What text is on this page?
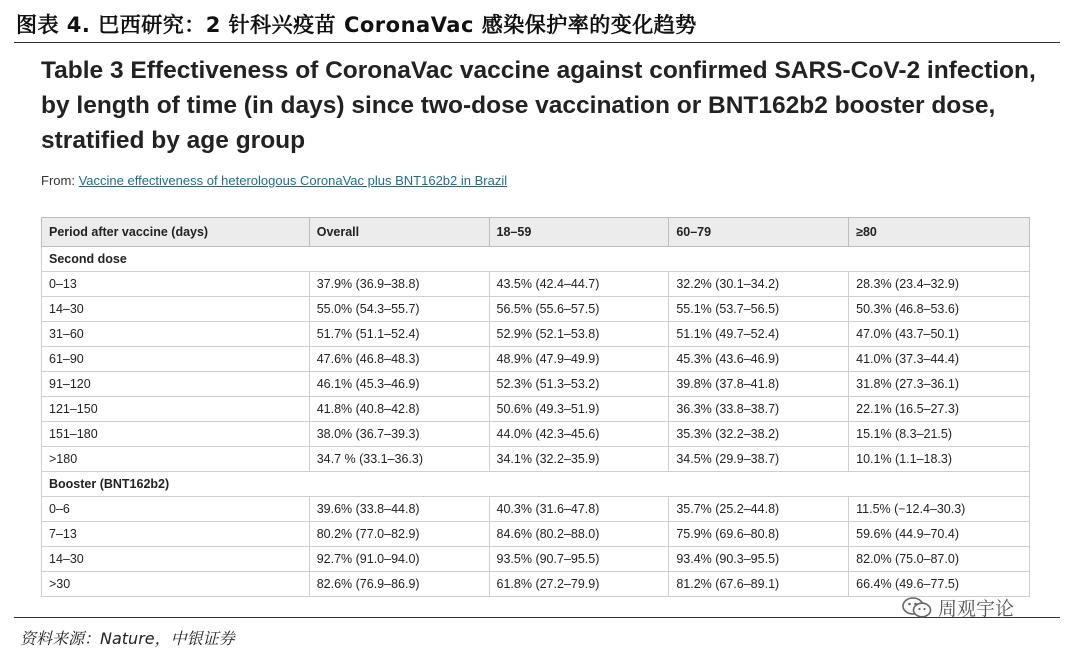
图表 4. 巴西研究：2 针科兴疫苗 CoronaVac 感染保护率的变化趋势
Table 3 Effectiveness of CoronaVac vaccine against confirmed SARS-CoV-2 infection, by length of time (in days) since two-dose vaccination or BNT162b2 booster dose, stratified by age group
From: Vaccine effectiveness of heterologous CoronaVac plus BNT162b2 in Brazil
Period after vaccine (days)	Overall	18–59	60–79	≥80
Second dose				
0–13	37.9% (36.9–38.8)	43.5% (42.4–44.7)	32.2% (30.1–34.2)	28.3% (23.4–32.9)
14–30	55.0% (54.3–55.7)	56.5% (55.6–57.5)	55.1% (53.7–56.5)	50.3% (46.8–53.6)
31–60	51.7% (51.1–52.4)	52.9% (52.1–53.8)	51.1% (49.7–52.4)	47.0% (43.7–50.1)
61–90	47.6% (46.8–48.3)	48.9% (47.9–49.9)	45.3% (43.6–46.9)	41.0% (37.3–44.4)
91–120	46.1% (45.3–46.9)	52.3% (51.3–53.2)	39.8% (37.8–41.8)	31.8% (27.3–36.1)
121–150	41.8% (40.8–42.8)	50.6% (49.3–51.9)	36.3% (33.8–38.7)	22.1% (16.5–27.3)
151–180	38.0% (36.7–39.3)	44.0% (42.3–45.6)	35.3% (32.2–38.2)	15.1% (8.3–21.5)
>180	34.7 % (33.1–36.3)	34.1% (32.2–35.9)	34.5% (29.9–38.7)	10.1% (1.1–18.3)
Booster (BNT162b2)				
0–6	39.6% (33.8–44.8)	40.3% (31.6–47.8)	35.7% (25.2–44.8)	11.5% (−12.4–30.3)
7–13	80.2% (77.0–82.9)	84.6% (80.2–88.0)	75.9% (69.6–80.8)	59.6% (44.9–70.4)
14–30	92.7% (91.0–94.0)	93.5% (90.7–95.5)	93.4% (90.3–95.5)	82.0% (75.0–87.0)
>30	82.6% (76.9–86.9)	61.8% (27.2–79.9)	81.2% (67.6–89.1)	66.4% (49.6–77.5)
资料来源：Nature，中银证券
周观宇论
